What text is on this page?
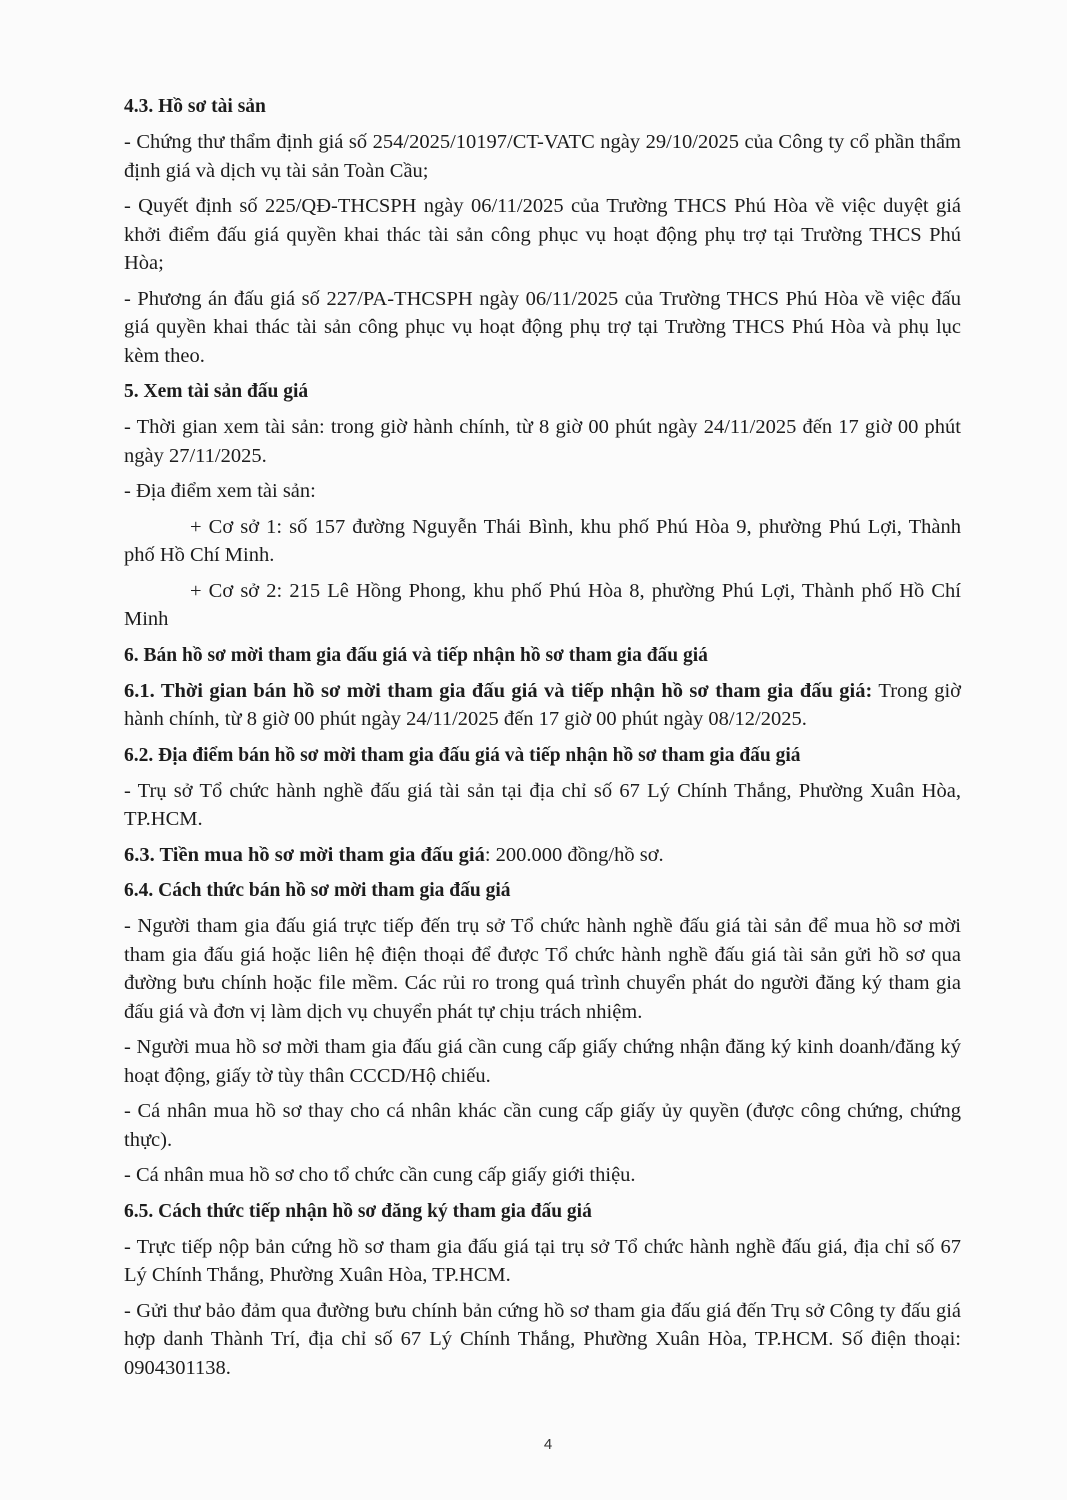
4.3. Hồ sơ tài sản
- Chứng thư thẩm định giá số 254/2025/10197/CT-VATC ngày 29/10/2025 của Công ty cổ phần thẩm định giá và dịch vụ tài sản Toàn Cầu;
- Quyết định số 225/QĐ-THCSPH ngày 06/11/2025 của Trường THCS Phú Hòa về việc duyệt giá khởi điểm đấu giá quyền khai thác tài sản công phục vụ hoạt động phụ trợ tại Trường THCS Phú Hòa;
- Phương án đấu giá số 227/PA-THCSPH ngày 06/11/2025 của Trường THCS Phú Hòa về việc đấu giá quyền khai thác tài sản công phục vụ hoạt động phụ trợ tại Trường THCS Phú Hòa và phụ lục kèm theo.
5. Xem tài sản đấu giá
- Thời gian xem tài sản: trong giờ hành chính, từ 8 giờ 00 phút ngày 24/11/2025 đến 17 giờ 00 phút ngày 27/11/2025.
- Địa điểm xem tài sản:
+ Cơ sở 1: số 157 đường Nguyễn Thái Bình, khu phố Phú Hòa 9, phường Phú Lợi, Thành phố Hồ Chí Minh.
+ Cơ sở 2: 215 Lê Hồng Phong, khu phố Phú Hòa 8, phường Phú Lợi, Thành phố Hồ Chí Minh
6. Bán hồ sơ mời tham gia đấu giá và tiếp nhận hồ sơ tham gia đấu giá
6.1. Thời gian bán hồ sơ mời tham gia đấu giá và tiếp nhận hồ sơ tham gia đấu giá: Trong giờ hành chính, từ 8 giờ 00 phút ngày 24/11/2025 đến 17 giờ 00 phút ngày 08/12/2025.
6.2. Địa điểm bán hồ sơ mời tham gia đấu giá và tiếp nhận hồ sơ tham gia đấu giá
- Trụ sở Tổ chức hành nghề đấu giá tài sản tại địa chỉ số 67 Lý Chính Thắng, Phường Xuân Hòa, TP.HCM.
6.3. Tiền mua hồ sơ mời tham gia đấu giá: 200.000 đồng/hồ sơ.
6.4. Cách thức bán hồ sơ mời tham gia đấu giá
- Người tham gia đấu giá trực tiếp đến trụ sở Tổ chức hành nghề đấu giá tài sản để mua hồ sơ mời tham gia đấu giá hoặc liên hệ điện thoại để được Tổ chức hành nghề đấu giá tài sản gửi hồ sơ qua đường bưu chính hoặc file mềm. Các rủi ro trong quá trình chuyển phát do người đăng ký tham gia đấu giá và đơn vị làm dịch vụ chuyển phát tự chịu trách nhiệm.
- Người mua hồ sơ mời tham gia đấu giá cần cung cấp giấy chứng nhận đăng ký kinh doanh/đăng ký hoạt động, giấy tờ tùy thân CCCD/Hộ chiếu.
- Cá nhân mua hồ sơ thay cho cá nhân khác cần cung cấp giấy ủy quyền (được công chứng, chứng thực).
- Cá nhân mua hồ sơ cho tổ chức cần cung cấp giấy giới thiệu.
6.5. Cách thức tiếp nhận hồ sơ đăng ký tham gia đấu giá
- Trực tiếp nộp bản cứng hồ sơ tham gia đấu giá tại trụ sở Tổ chức hành nghề đấu giá, địa chỉ số 67 Lý Chính Thắng, Phường Xuân Hòa, TP.HCM.
- Gửi thư bảo đảm qua đường bưu chính bản cứng hồ sơ tham gia đấu giá đến Trụ sở Công ty đấu giá hợp danh Thành Trí, địa chỉ số 67 Lý Chính Thắng, Phường Xuân Hòa, TP.HCM. Số điện thoại: 0904301138.
4
